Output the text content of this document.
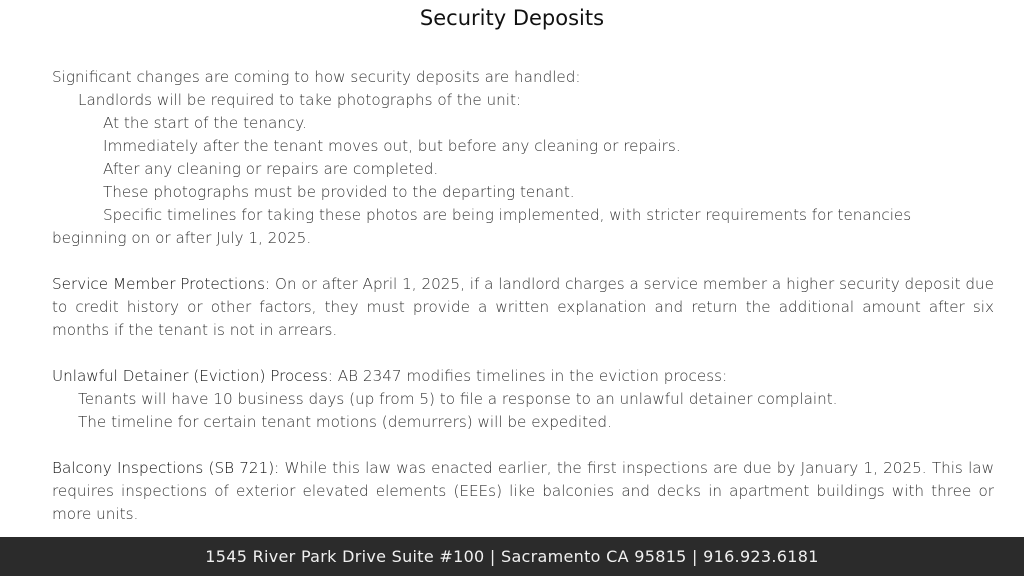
Security Deposits
Significant changes are coming to how security deposits are handled:
Landlords will be required to take photographs of the unit:
At the start of the tenancy.
Immediately after the tenant moves out, but before any cleaning or repairs.
After any cleaning or repairs are completed.
These photographs must be provided to the departing tenant.
Specific timelines for taking these photos are being implemented, with stricter requirements for tenancies
beginning on or after July 1, 2025.
Service Member Protections: On or after April 1, 2025, if a landlord charges a service member a higher security deposit due to credit history or other factors, they must provide a written explanation and return the additional amount after six months if the tenant is not in arrears.
Unlawful Detainer (Eviction) Process: AB 2347 modifies timelines in the eviction process:
Tenants will have 10 business days (up from 5) to file a response to an unlawful detainer complaint.
The timeline for certain tenant motions (demurrers) will be expedited.
Balcony Inspections (SB 721): While this law was enacted earlier, the first inspections are due by January 1, 2025. This law requires inspections of exterior elevated elements (EEEs) like balconies and decks in apartment buildings with three or more units.
1545 River Park Drive Suite #100 | Sacramento CA 95815 | 916.923.6181
